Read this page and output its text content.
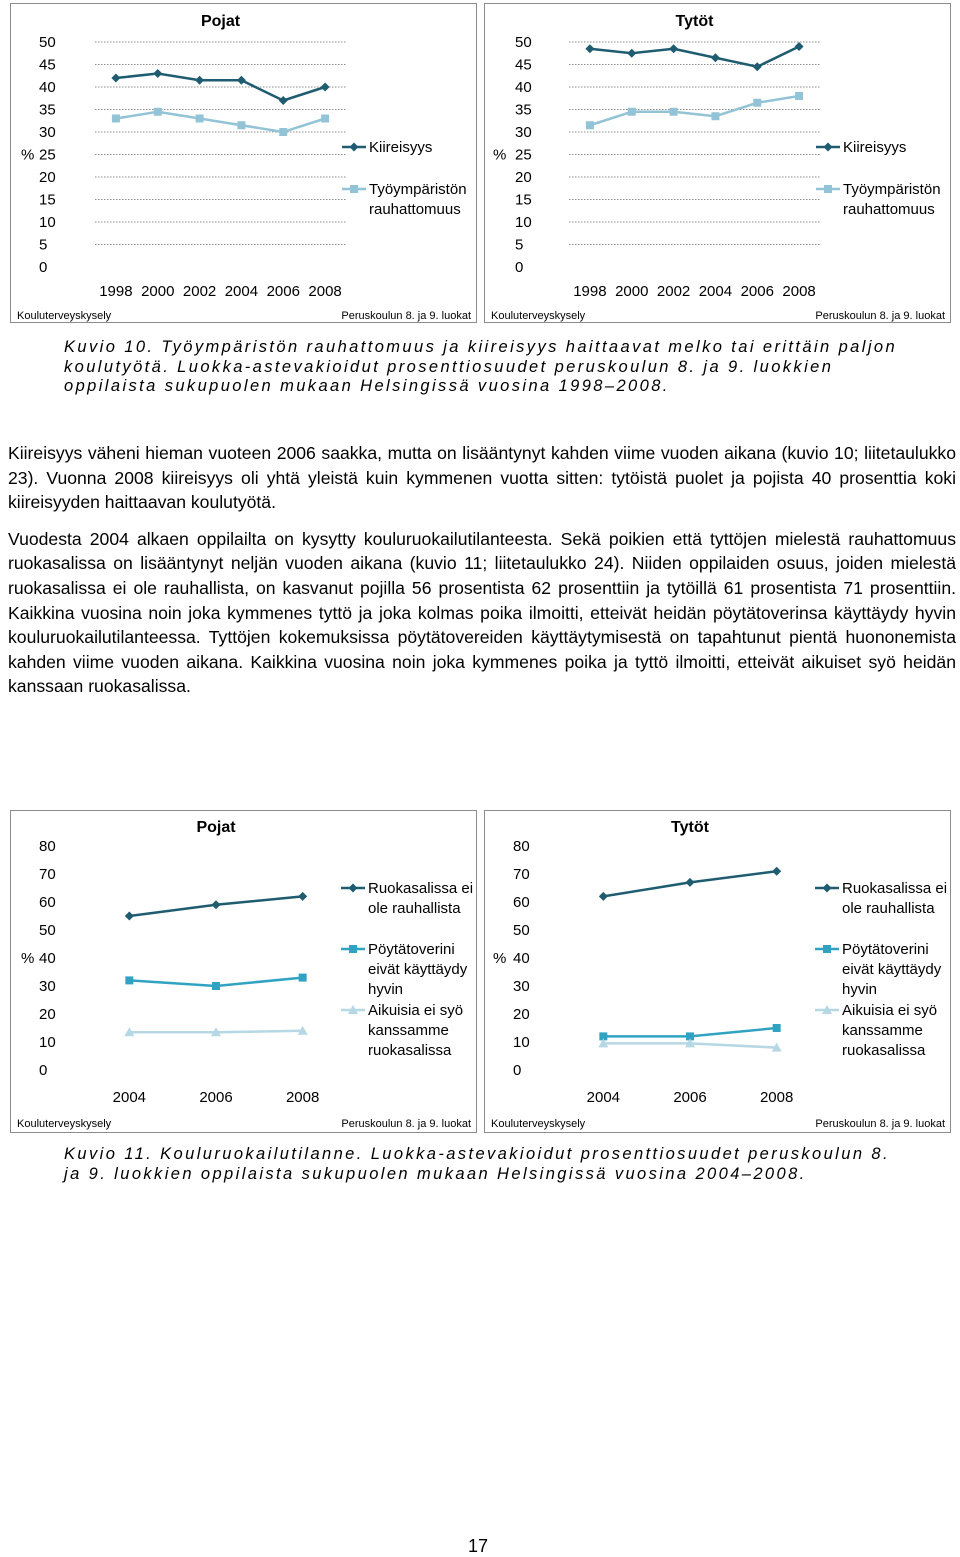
Pojat
0
5
10
15
20
25
30
35
40
45
50
%
1998 2000 2002 2004 2006 2008
Kiireisyys
Työympäristön
rauhattomuus
Kouluterveyskysely	Peruskoulun 8. ja 9. luokat
Tytöt
0
5
10
15
20
25
30
35
40
45
50
%
1998 2000 2002 2004 2006 2008
Kiireisyys
Työympäristön
rauhattomuus
Kouluterveyskysely	Peruskoulun 8. ja 9. luokat
Kuvio 10. Työympäristön rauhattomuus ja kiireisyys haittaavat melko tai erittäin paljon koulutyötä. Luokka-astevakioidut prosenttiosuudet peruskoulun 8. ja 9. luokkien oppilaista sukupuolen mukaan Helsingissä vuosina 1998–2008.

Kiireisyys väheni hieman vuoteen 2006 saakka, mutta on lisääntynyt kahden viime vuoden aikana (kuvio 10; liitetaulukko 23). Vuonna 2008 kiireisyys oli yhtä yleistä kuin kymmenen vuotta sitten: tytöistä puolet ja pojista 40 prosenttia koki kiireisyyden haittaavan koulutyötä.

Vuodesta 2004 alkaen oppilailta on kysytty kouluruokailutilanteesta. Sekä poikien että tyttöjen mielestä rauhattomuus ruokasalissa on lisääntynyt neljän vuoden aikana (kuvio 11; liitetaulukko 24). Niiden oppilaiden osuus, joiden mielestä ruokasalissa ei ole rauhallista, on kasvanut pojilla 56 prosentista 62 prosenttiin ja tytöillä 61 prosentista 71 prosenttiin. Kaikkina vuosina noin joka kymmenes tyttö ja joka kolmas poika ilmoitti, etteivät heidän pöytätoverinsa käyttäydy hyvin kouluruokailutilanteessa. Tyttöjen kokemuksissa pöytätovereiden käyttäytymisestä on tapahtunut pientä huononemista kahden viime vuoden aikana. Kaikkina vuosina noin joka kymmenes poika ja tyttö ilmoitti, etteivät aikuiset syö heidän kanssaan ruokasalissa.

Pojat
0
10
20
30
40
50
60
70
80
%
2004	2006	2008
Ruokasalissa ei
ole rauhallista
Pöytätoverini
eivät käyttäydy
hyvin
Aikuisia ei syö
kanssamme
ruokasalissa
Kouluterveyskysely	Peruskoulun 8. ja 9. luokat
Tytöt
0
10
20
30
40
50
60
70
80
%
2004	2006	2008
Ruokasalissa ei
ole rauhallista
Pöytätoverini
eivät käyttäydy
hyvin
Aikuisia ei syö
kanssamme
ruokasalissa
Kouluterveyskysely	Peruskoulun 8. ja 9. luokat
Kuvio 11. Kouluruokailutilanne. Luokka-astevakioidut prosenttiosuudet peruskoulun 8. ja 9. luokkien oppilaista sukupuolen mukaan Helsingissä vuosina 2004–2008.
17
